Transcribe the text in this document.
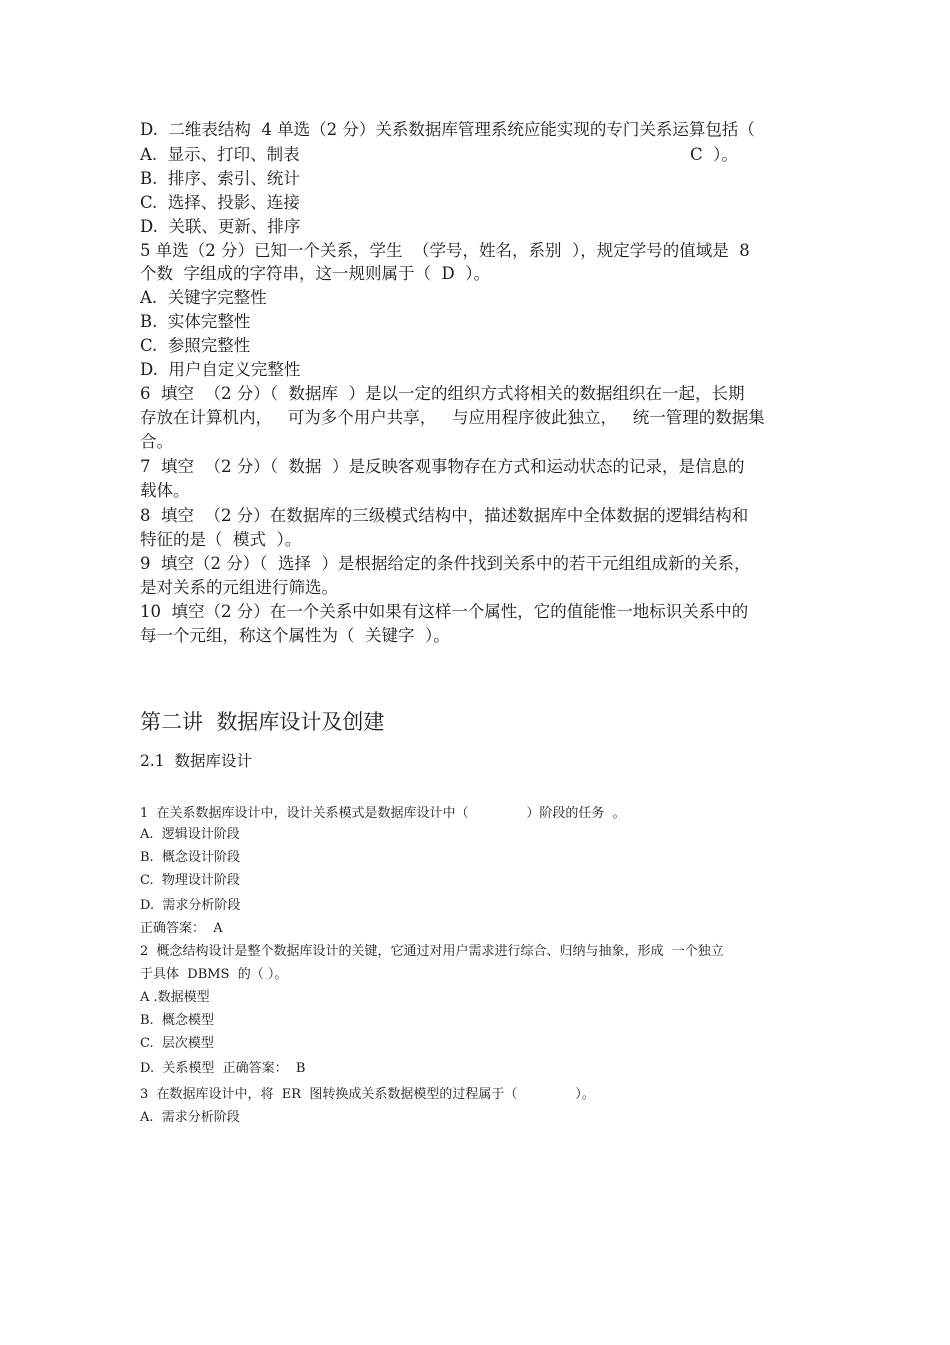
D.  二维表结构  4 单选（2 分）关系数据库管理系统应能实现的专门关系运算包括（
A.  显示、打印、制表	C  ）。
B.  排序、索引、统计
C.  选择、投影、连接
D.  关联、更新、排序
5 单选（2 分）已知一个关系，学生  （学号，姓名，系别  ），规定学号的值域是  8
个数  字组成的字符串，这一规则属于（  D  ）。
A.  关键字完整性
B.  实体完整性
C.  参照完整性
D.  用户自定义完整性
6  填空  （2 分）（  数据库  ）是以一定的组织方式将相关的数据组织在一起，长期
存放在计算机内，   可为多个用户共享，   与应用程序彼此独立，   统一管理的数据集
合。
7  填空  （2 分）（  数据  ）是反映客观事物存在方式和运动状态的记录，是信息的
载体。
8  填空  （2 分）在数据库的三级模式结构中，描述数据库中全体数据的逻辑结构和
特征的是（  模式  ）。
9  填空（2 分）（  选择  ）是根据给定的条件找到关系中的若干元组组成新的关系，
是对关系的元组进行筛选。
10  填空（2 分）在一个关系中如果有这样一个属性，它的值能惟一地标识关系中的
每一个元组，称这个属性为（  关键字  ）。
第二讲  数据库设计及创建
2.1  数据库设计
1  在关系数据库设计中，设计关系模式是数据库设计中（              ）阶段的任务  。
A.  逻辑设计阶段
B.  概念设计阶段
C.  物理设计阶段
D.  需求分析阶段
正确答案：  A
2  概念结构设计是整个数据库设计的关键，它通过对用户需求进行综合、归纳与抽象，形成  一个独立
于具体  DBMS  的（ ）。
A .数据模型
B.  概念模型
C.  层次模型
D.  关系模型  正确答案：  B
3  在数据库设计中，将  ER  图转换成关系数据模型的过程属于（              ）。
A.  需求分析阶段
